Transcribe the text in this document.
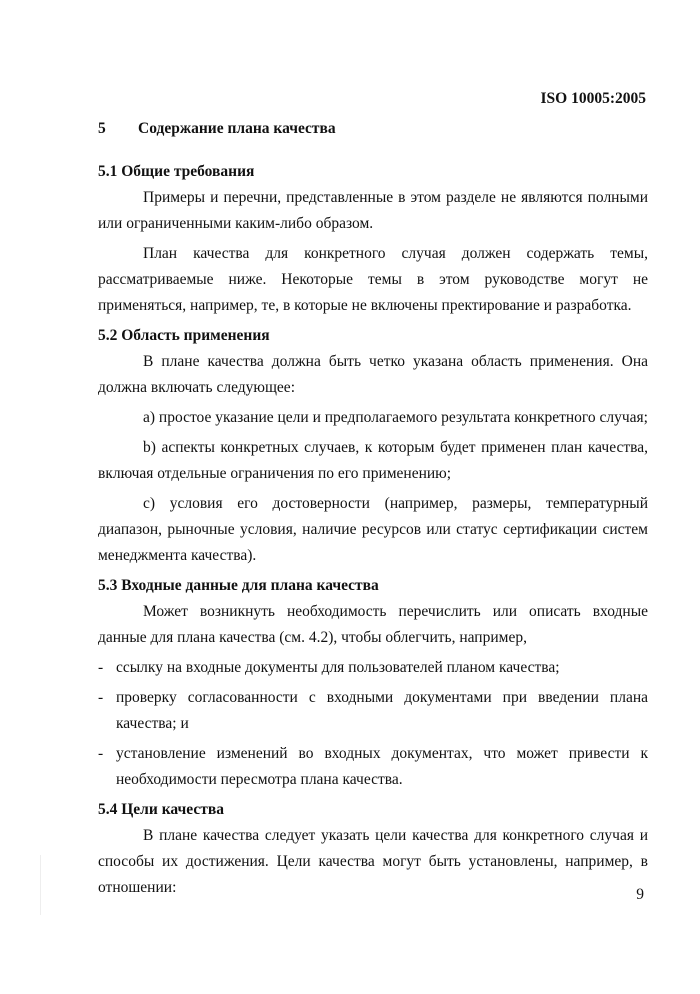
ISO 10005:2005
5 Содержание плана качества
5.1 Общие требования
Примеры и перечни, представленные в этом разделе не являются полными или ограниченными каким-либо образом.
План качества для конкретного случая должен содержать темы,
рассматриваемые ниже. Некоторые темы в этом руководстве могут не применяться, например, те, в которые не включены пректирование и разработка.
5.2 Область применения
В плане качества должна быть четко указана область применения. Она должна включать следующее:
a) простое указание цели и предполагаемого результата конкретного случая;
b) аспекты конкретных случаев, к которым будет применен план качества, включая отдельные ограничения по его применению;
c) условия его достоверности (например, размеры, температурный диапазон, рыночные условия, наличие ресурсов или статус сертификации систем менеджмента качества).
5.3 Входные данные для плана качества
Может возникнуть необходимость перечислить или описать входные данные для плана качества (см. 4.2), чтобы облегчить, например,
- ссылку на входные документы для пользователей планом качества;
- проверку согласованности с входными документами при введении плана качества; и
- установление изменений во входных документах, что может привести к необходимости пересмотра плана качества.
5.4 Цели качества
В плане качества следует указать цели качества для конкретного случая и способы их достижения. Цели качества могут быть установлены, например, в отношении:	9
